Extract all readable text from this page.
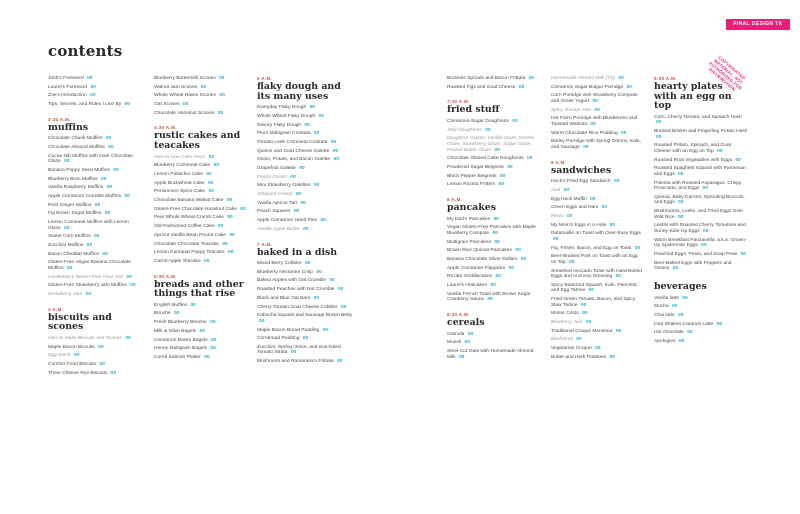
FINAL DESIGN TK
COPYRIGHTED MATERIAL. NOT AUTHORIZED FOR DISTRIBUTION
contents
Josh's Foreword 00
Laurel's Foreword 00
Zoe's Introduction 00
Tips, Secrets, and Rules I Live By 00
3:30 A.M.
muffins
Chocolate Chunk Muffins 00
Chocolate Almond Muffins 00
Cocoa Nib Muffins with Dark Chocolate Glaze 00
Banana Poppy Seed Muffins 00
Blueberry Bran Muffins 00
Vanilla Raspberry Muffins 00
Apple Cinnamon Crumble Muffins 00
Pear Ginger Muffins 00
Fig Brown Sugar Muffins 00
Lemon Cornmeal Muffins with Lemon Glaze 00
Sweet Corn Muffins 00
Zucchini Muffins 00
Bacon Cheddar Muffins 00
Gluten-Free Vegan Banana Chocolate Muffins 00
Huckleberry Gluten-Free Flour Mix 00
Gluten-Free Strawberry Jam Muffins 00
Strawberry Jam 00
4 A.M.
biscuits and scones
How to Make Biscuits and Scones 00
Maple Bacon Biscuits 00
Egg Wash 00
Comfort Food Biscuits 00
Three Cheese Rye Biscuits 00
Blueberry Buttermilk Scones 00
Walnut Jam Scones 00
Whole Wheat Raisin Scones 00
Oat Scones 00
Chocolate Hazelnut Scones 00
4:30 A.M.
rustic cakes and teacakes
How to Line Cake Pans 00
Blueberry Cornmeal Cake 00
Lemon Pistachio Cake 00
Apple Buckwheat Cake 00
Persimmon Spice Cake 00
Chocolate Banana Walnut Cake 00
Gluten-Free Chocolate Hazelnut Cake 00
Pear Whole Wheat Crumb Cake 00
Old-Fashioned Coffee Cake 00
Apricot Vanilla Bean Pound Cake 00
Chocolate Chocolate Teacake 00
Lemon Kumquat Poppy Teacake 00
Carrot Apple Teacake 00
5:30 A.M.
breads and other things that rise
English Muffins 00
Brioche 00
Fresh Blueberry Brioche 00
Milk & Olive Bagels 00
Cinnamon Raisin Bagels 00
Honey Multigrain Bagels 00
Cured Salmon Platter 00
6 A.M.
flaky dough and its many uses
Everyday Flaky Dough 00
Whole Wheat Flaky Dough 00
Savory Flaky Dough 00
Plum Multigrain Crostata 00
Tomato Leek Cornmeal Crostata 00
Quince and Goat Cheese Galette 00
Onion, Potato, and Bacon Galette 00
Grapefruit Galette 00
Pastry Cream 00
Mini Strawberry Galettes 00
Whipped Cream 00
Vanilla Apricot Tart 00
Peach Squares 00
Apple Cinnamon Hand Pies 00
Vanilla Apple Butter 00
7 A.M.
baked in a dish
Mixed Berry Cobbler 00
Blueberry Nectarine Crisp 00
Baked Apples with Oat Crumble 00
Roasted Peaches with Nut Crumble 00
Black and Blue Oat Bars 00
Cherry Tomato Goat Cheese Cobbler 00
Kabocha Squash and Sausage Brown Betty 00
Maple Bacon Bread Pudding 00
Cornbread Pudding 00
Zucchini, Spring Onion, and Sun-Dried Tomato Strata 00
Mushroom and Romanesco Frittata 00
Brussels Sprouts and Bacon Frittata 00
Roasted Figs and Goat Cheese 00
7:30 A.M.
fried stuff
Cinnamon-Sugar Doughnuts 00
Jelly Doughnuts 00
Doughnut Glazes: Vanilla Glaze, Nutella Glaze, Strawberry Glaze, Sugar Glaze, Peanut Butter Glaze 00
Chocolate Glazed Cake Doughnuts 00
Powdered Sugar Beignets 00
Black Pepper Beignets 00
Lemon Ricotta Fritters 00
8 A.M.
pancakes
My Dad's Pancakes 00
Vegan Gluten-Free Pancakes with Maple Blueberry Compote 00
Multigrain Pancakes 00
Brown Rice Quinoa Pancakes 00
Banana Chocolate Silver Dollars 00
Apple Cinnamon Flapjacks 00
Ricotta Griddlecakes 00
Laurel's Hoecakes 00
Vanilla French Toast with Brown Sugar Cranberry Sauce 00
8:30 A.M.
cereals
Granola 00
Muesli 00
Steel-Cut Oats with Homemade Almond Milk 00
Homemade Almond Milk (TK) 00
Cinnamon Sugar Bulgur Porridge 00
Corn Porridge with Strawberry Compote and Greek Yogurt 00
Spicy Tomato Jam 00
Hot Farro Porridge with Blueberries and Toasted Walnuts 00
Warm Chocolate Rice Pudding 00
Barley Porridge with Spring Onions, Kale, and Sausage 00
9 A.M.
sandwiches
Huck's Fried Egg Sandwich 00
Aioli 00
Egg Huck Muffin 00
Green Eggs and Ham 00
Pesto 00
My Mom's Eggs in a Hole 00
Ratatouille on Toast with Over-Easy Eggs 00
Fig, Frisée, Bacon, and Egg on Toast 00
Beer-Braised Pork on Toast with an Egg on Top 00
Smashed Avocado Toast with Hard-Boiled Eggs and Anchovy Dressing 00
Spicy Butternut Squash, Kale, Pancetta, and Egg Tartine 00
Fried Green Tomato, Bacon, and Spicy Slaw Tartine 00
Monte Cristo 00
Blueberry Jam 00
Traditional Croque Monsieur 00
Béchamel 00
Vegetarian Croque 00
Butter and Herb Potatoes 00
9:30 A.M.
hearty plates with an egg on top
Corn, Cherry Tomato, and Spinach Hash 00
Braised Brisket and Fingerling Potato Hash 00
Roasted Potato, Spinach, and Goat Cheese with an Egg on Top 00
Roasted Root Vegetables with Eggs 00
Roasted Spaghetti Squash with Parmesan and Eggs 00
Polenta with Roasted Asparagus, Crispy Prosciutto, and Eggs 00
Quinoa, Baby Carrots, Sprouting Broccoli, and Eggs 00
Mushrooms, Leeks, and Fried Eggs Over Wild Rice 00
Lentils with Roasted Cherry Tomatoes and Sunny-Side-Up Eggs 00
Warm Breakfast Panzanella, a.k.a. Grown-Up Spiderman Eggs 00
Poached Eggs, Pesto, and Snap Peas 00
Beer-Baked Eggs with Peppers and Onions 00
beverages
Vanilla latte 00
Mocha 00
Chai latte 00
Iced Shaken Caramel Latte 00
Hot chocolate 00
Apologies 00
